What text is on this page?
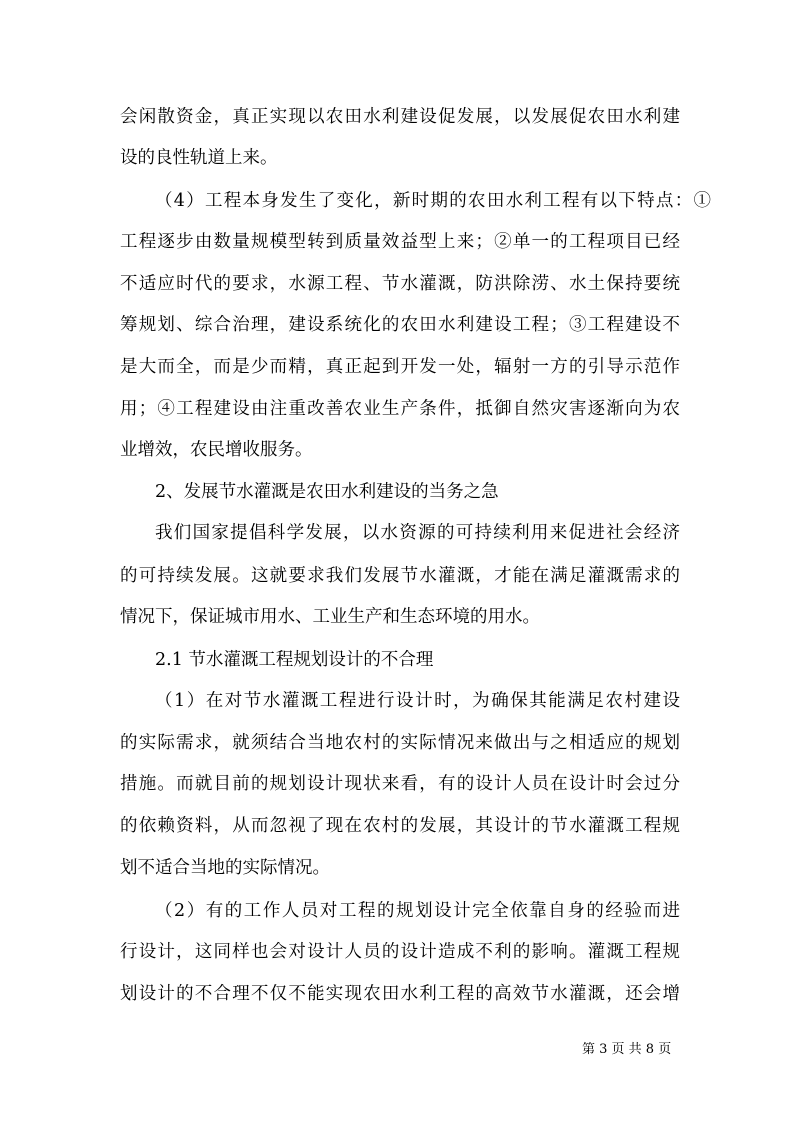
会闲散资金，真正实现以农田水利建设促发展，以发展促农田水利建
设的良性轨道上来。
（4）工程本身发生了变化，新时期的农田水利工程有以下特点：①
工程逐步由数量规模型转到质量效益型上来；②单一的工程项目已经
不适应时代的要求，水源工程、节水灌溉，防洪除涝、水土保持要统
筹规划、综合治理，建设系统化的农田水利建设工程；③工程建设不
是大而全，而是少而精，真正起到开发一处，辐射一方的引导示范作
用；④工程建设由注重改善农业生产条件，抵御自然灾害逐渐向为农
业增效，农民增收服务。
2、发展节水灌溉是农田水利建设的当务之急
我们国家提倡科学发展，以水资源的可持续利用来促进社会经济
的可持续发展。这就要求我们发展节水灌溉，才能在满足灌溉需求的
情况下，保证城市用水、工业生产和生态环境的用水。
2.1 节水灌溉工程规划设计的不合理
（1）在对节水灌溉工程进行设计时，为确保其能满足农村建设
的实际需求，就须结合当地农村的实际情况来做出与之相适应的规划
措施。而就目前的规划设计现状来看，有的设计人员在设计时会过分
的依赖资料，从而忽视了现在农村的发展，其设计的节水灌溉工程规
划不适合当地的实际情况。
（2）有的工作人员对工程的规划设计完全依靠自身的经验而进
行设计，这同样也会对设计人员的设计造成不利的影响。灌溉工程规
划设计的不合理不仅不能实现农田水利工程的高效节水灌溉，还会增
第 3 页 共 8 页
